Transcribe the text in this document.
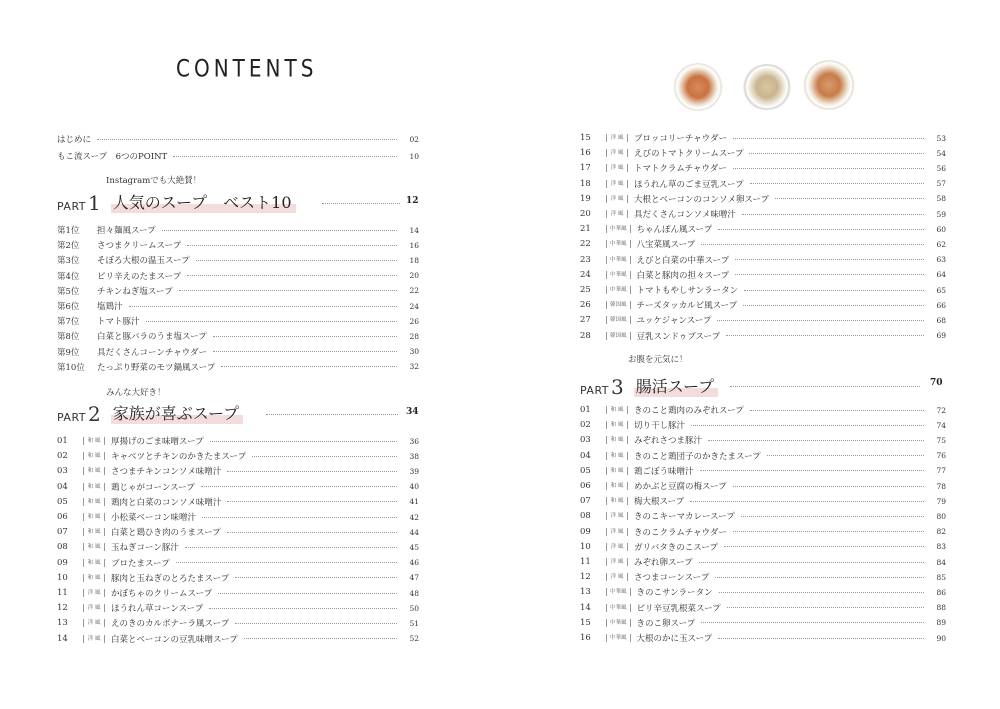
CONTENTS
はじめに	02
もこ流スープ　6つのPOINT	10
Instagramでも大絶賛！
PART 1 人気のスープ　ベスト10	12
第1位	担々麺風スープ	14
第2位	さつまクリームスープ	16
第3位	そぼろ大根の温玉スープ	18
第4位	ピリ辛えのたまスープ	20
第5位	チキンねぎ塩スープ	22
第6位	塩鶏汁	24
第7位	トマト豚汁	26
第8位	白菜と豚バラのうま塩スープ	28
第9位	具だくさんコーンチャウダー	30
第10位	たっぷり野菜のモツ鍋風スープ	32
みんな大好き！
PART 2 家族が喜ぶスープ	34
01	和 風	厚揚げのごま味噌スープ	36
02	和 風	キャベツとチキンのかきたまスープ	38
03	和 風	さつまチキンコンソメ味噌汁	39
04	和 風	鶏じゃがコーンスープ	40
05	和 風	鶏肉と白菜のコンソメ味噌汁	41
06	和 風	小松菜ベーコン味噌汁	42
07	和 風	白菜と鶏ひき肉のうまスープ	44
08	和 風	玉ねぎコーン豚汁	45
09	和 風	ブロたまスープ	46
10	和 風	豚肉と玉ねぎのとろたまスープ	47
11	洋 風	かぼちゃのクリームスープ	48
12	洋 風	ほうれん草コーンスープ	50
13	洋 風	えのきのカルボナーラ風スープ	51
14	洋 風	白菜とベーコンの豆乳味噌スープ	52
15	洋 風	ブロッコリーチャウダー	53
16	洋 風	えびのトマトクリームスープ	54
17	洋 風	トマトクラムチャウダー	56
18	洋 風	ほうれん草のごま豆乳スープ	57
19	洋 風	大根とベーコンのコンソメ卵スープ	58
20	洋 風	具だくさんコンソメ味噌汁	59
21	中華風	ちゃんぽん風スープ	60
22	中華風	八宝菜風スープ	62
23	中華風	えびと白菜の中華スープ	63
24	中華風	白菜と豚肉の担々スープ	64
25	中華風	トマトもやしサンラータン	65
26	韓国風	チーズタッカルビ風スープ	66
27	韓国風	ユッケジャンスープ	68
28	韓国風	豆乳スンドゥブスープ	69
お腹を元気に！
PART 3 腸活スープ	70
01	和 風	きのこと鶏肉のみぞれスープ	72
02	和 風	切り干し豚汁	74
03	和 風	みぞれさつま豚汁	75
04	和 風	きのこと鶏団子のかきたまスープ	76
05	和 風	鶏ごぼう味噌汁	77
06	和 風	めかぶと豆腐の梅スープ	78
07	和 風	梅大根スープ	79
08	洋 風	きのこキーマカレースープ	80
09	洋 風	きのこクラムチャウダー	82
10	洋 風	ガリバタきのこスープ	83
11	洋 風	みぞれ卵スープ	84
12	洋 風	さつまコーンスープ	85
13	中華風	きのこサンラータン	86
14	中華風	ピリ辛豆乳根菜スープ	88
15	中華風	きのこ卵スープ	89
16	中華風	大根のかに玉スープ	90
